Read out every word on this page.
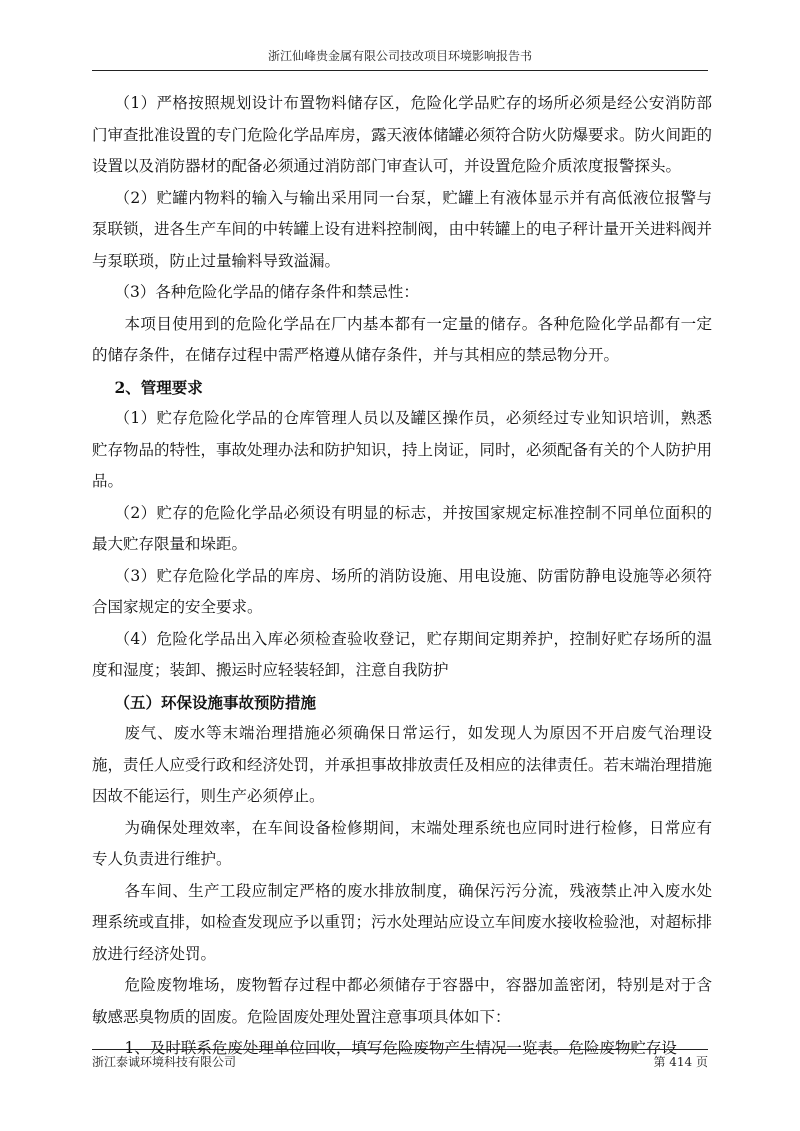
浙江仙峰贵金属有限公司技改项目环境影响报告书

（1）严格按照规划设计布置物料储存区，危险化学品贮存的场所必须是经公安消防部门审查批准设置的专门危险化学品库房，露天液体储罐必须符合防火防爆要求。防火间距的设置以及消防器材的配备必须通过消防部门审查认可，并设置危险介质浓度报警探头。

（2）贮罐内物料的输入与输出采用同一台泵，贮罐上有液体显示并有高低液位报警与泵联锁，进各生产车间的中转罐上设有进料控制阀，由中转罐上的电子秤计量开关进料阀并与泵联琐，防止过量输料导致溢漏。

（3）各种危险化学品的储存条件和禁忌性：

本项目使用到的危险化学品在厂内基本都有一定量的储存。各种危险化学品都有一定的储存条件，在储存过程中需严格遵从储存条件，并与其相应的禁忌物分开。

2、管理要求

（1）贮存危险化学品的仓库管理人员以及罐区操作员，必须经过专业知识培训，熟悉贮存物品的特性，事故处理办法和防护知识，持上岗证，同时，必须配备有关的个人防护用品。

（2）贮存的危险化学品必须设有明显的标志，并按国家规定标准控制不同单位面积的最大贮存限量和垛距。

（3）贮存危险化学品的库房、场所的消防设施、用电设施、防雷防静电设施等必须符合国家规定的安全要求。

（4）危险化学品出入库必须检查验收登记，贮存期间定期养护，控制好贮存场所的温度和湿度；装卸、搬运时应轻装轻卸，注意自我防护

（五）环保设施事故预防措施

废气、废水等末端治理措施必须确保日常运行，如发现人为原因不开启废气治理设施，责任人应受行政和经济处罚，并承担事故排放责任及相应的法律责任。若末端治理措施因故不能运行，则生产必须停止。

为确保处理效率，在车间设备检修期间，末端处理系统也应同时进行检修，日常应有专人负责进行维护。

各车间、生产工段应制定严格的废水排放制度，确保污污分流，残液禁止冲入废水处理系统或直排，如检查发现应予以重罚；污水处理站应设立车间废水接收检验池，对超标排放进行经济处罚。

危险废物堆场，废物暂存过程中都必须储存于容器中，容器加盖密闭，特别是对于含敏感恶臭物质的固废。危险固废处理处置注意事项具体如下：

1、及时联系危废处理单位回收，填写危险废物产生情况一览表。危险废物贮存设

浙江泰诚环境科技有限公司	第 414 页
